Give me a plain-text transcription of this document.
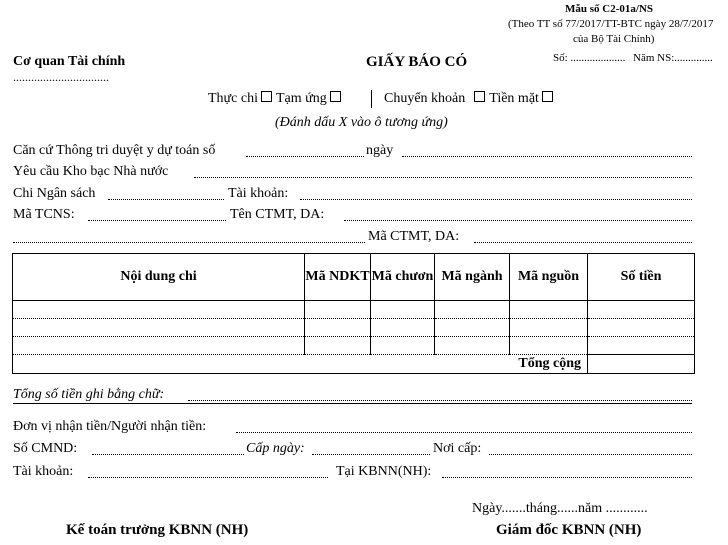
Mẫu số C2-01a/NS
(Theo TT số 77/2017/TT-BTC ngày 28/7/2017
của Bộ Tài Chính)
Số: .................... Năm NS:..............
Cơ quan Tài chính
................................
GIẤY BÁO CÓ
Thực chi Tạm ứng	Chuyển khoản Tiền mặt
(Đánh dấu X vào ô tương ứng)
Căn cứ Thông tri duyệt y dự toán số	ngày
Yêu cầu Kho bạc Nhà nước
Chi Ngân sách	Tài khoản:
Mã TCNS:	Tên CTMT, DA:
Mã CTMT, DA:
Nội dung chi	Mã NDKT	Mã chươn	Mã ngành	Mã nguồn	Số tiền

Tổng cộng					
Tổng số tiền ghi bằng chữ:
Đơn vị nhận tiền/Người nhận tiền:
Số CMND:	Cấp ngày:	Nơi cấp:
Tài khoản:	Tại KBNN(NH):
Ngày.......tháng......năm ............
Kế toán trưởng KBNN (NH)	Giám đốc KBNN (NH)
